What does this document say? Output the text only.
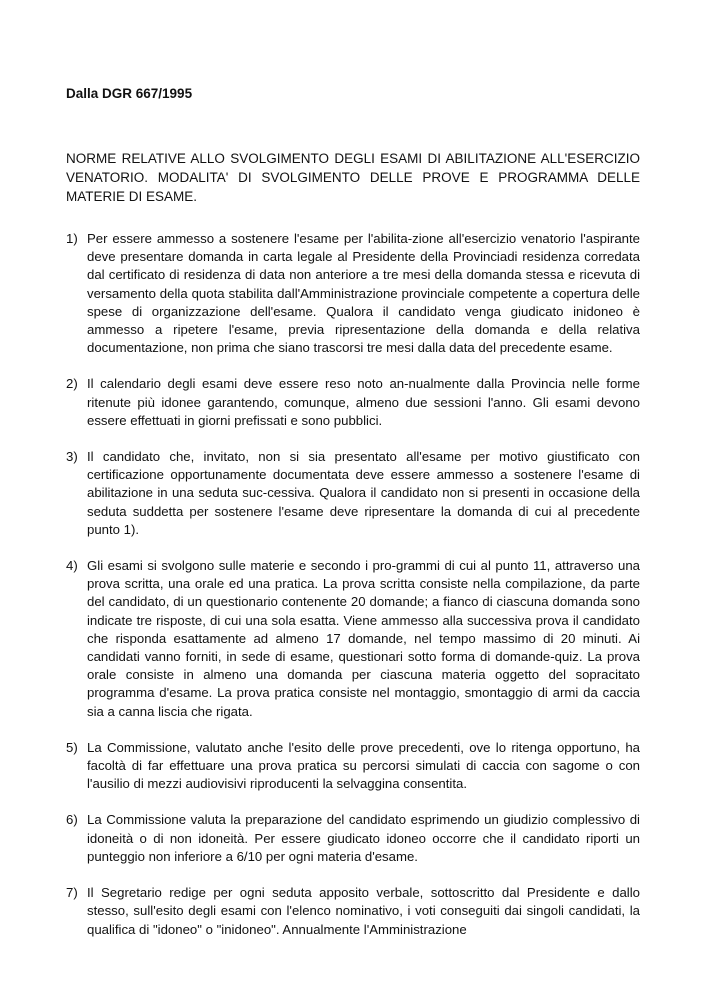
Dalla DGR 667/1995
NORME RELATIVE ALLO SVOLGIMENTO DEGLI ESAMI DI ABILITAZIONE ALL'ESERCIZIO VENATORIO. MODALITA' DI SVOLGIMENTO DELLE PROVE E PROGRAMMA DELLE MATERIE DI ESAME.
1) Per essere ammesso a sostenere l'esame per l'abilita-zione all'esercizio venatorio l'aspirante deve presentare domanda in carta legale al Presidente della Provinciadi residenza corredata dal certificato di residenza di data non anteriore a tre mesi della domanda stessa e ricevuta di versamento della quota stabilita dall'Amministrazione provinciale competente a copertura delle spese di organizzazione dell'esame. Qualora il candidato venga giudicato inidoneo è ammesso a ripetere l'esame, previa ripresentazione della domanda e della relativa documentazione, non prima che siano trascorsi tre mesi dalla data del precedente esame.
2) Il calendario degli esami deve essere reso noto an-nualmente dalla Provincia nelle forme ritenute più idonee garantendo, comunque, almeno due sessioni l'anno. Gli esami devono essere effettuati in giorni prefissati e sono pubblici.
3) Il candidato che, invitato, non si sia presentato all'esame per motivo giustificato con certificazione opportunamente documentata deve essere ammesso a sostenere l'esame di abilitazione in una seduta suc-cessiva. Qualora il candidato non si presenti in occasione della seduta suddetta per sostenere l'esame deve ripresentare la domanda di cui al precedente punto 1).
4) Gli esami si svolgono sulle materie e secondo i pro-grammi di cui al punto 11, attraverso una prova scritta, una orale ed una pratica. La prova scritta consiste nella compilazione, da parte del candidato, di un questionario contenente 20 domande; a fianco di ciascuna domanda sono indicate tre risposte, di cui una sola esatta. Viene ammesso alla successiva prova il candidato che risponda esattamente ad almeno 17 domande, nel tempo massimo di 20 minuti. Ai candidati vanno forniti, in sede di esame, questionari sotto forma di domande-quiz. La prova orale consiste in almeno una domanda per ciascuna materia oggetto del sopracitato programma d'esame. La prova pratica consiste nel montaggio, smontaggio di armi da caccia sia a canna liscia che rigata.
5) La Commissione, valutato anche l'esito delle prove precedenti, ove lo ritenga opportuno, ha facoltà di far effettuare una prova pratica su percorsi simulati di caccia con sagome o con l'ausilio di mezzi audiovisivi riproducenti la selvaggina consentita.
6) La Commissione valuta la preparazione del candidato esprimendo un giudizio complessivo di idoneità o di non idoneità. Per essere giudicato idoneo occorre che il candidato riporti un punteggio non inferiore a 6/10 per ogni materia d'esame.
7) Il Segretario redige per ogni seduta apposito verbale, sottoscritto dal Presidente e dallo stesso, sull'esito degli esami con l'elenco nominativo, i voti conseguiti dai singoli candidati, la qualifica di "idoneo" o "inidoneo". Annualmente l'Amministrazione
